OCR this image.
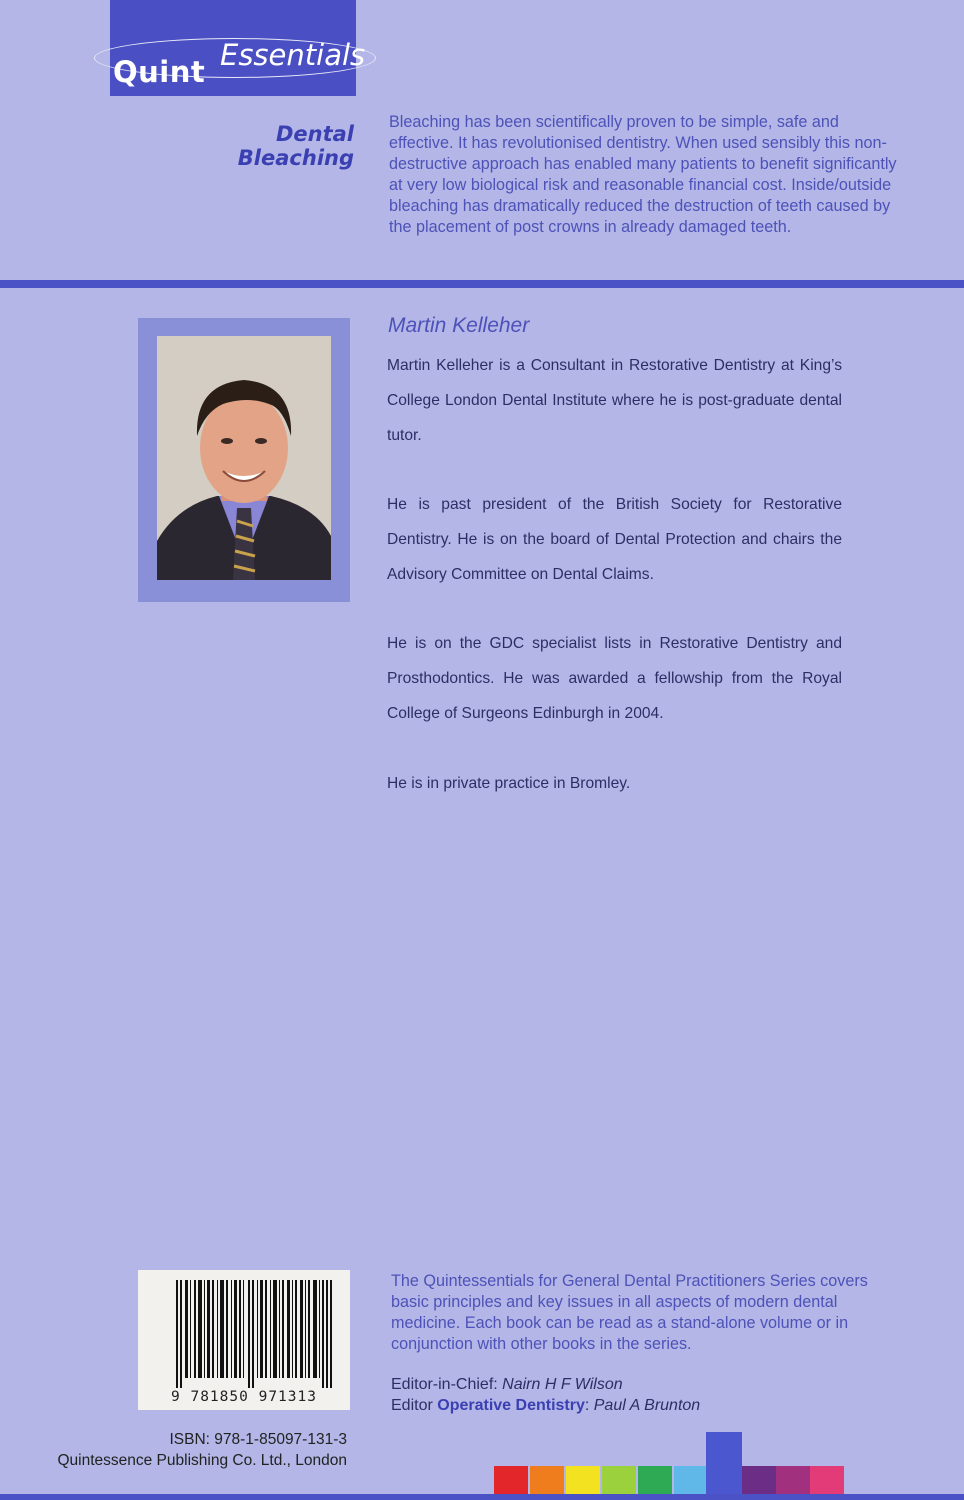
Quint Essentials
Dental Bleaching
Bleaching has been scientifically proven to be simple, safe and effective. It has revolutionised dentistry. When used sensibly this non-destructive approach has enabled many patients to benefit significantly at very low biological risk and reasonable financial cost. Inside/outside bleaching has dramatically reduced the destruction of teeth caused by the placement of post crowns in already damaged teeth.
Martin Kelleher
Martin Kelleher is a Consultant in Restorative Dentistry at King’s College London Dental Institute where he is post-graduate dental tutor.
He is past president of the British Society for Restorative Dentistry. He is on the board of Dental Protection and chairs the Advisory Committee on Dental Claims.
He is on the GDC specialist lists in Restorative Dentistry and Prosthodontics. He was awarded a fellowship from the Royal College of Surgeons Edinburgh in 2004.
He is in private practice in Bromley.
9 781850 971313
ISBN: 978-1-85097-131-3
Quintessence Publishing Co. Ltd., London
The Quintessentials for General Dental Practitioners Series covers basic principles and key issues in all aspects of modern dental medicine. Each book can be read as a stand-alone volume or in conjunction with other books in the series.
Editor-in-Chief: Nairn H F Wilson
Editor Operative Dentistry: Paul A Brunton
